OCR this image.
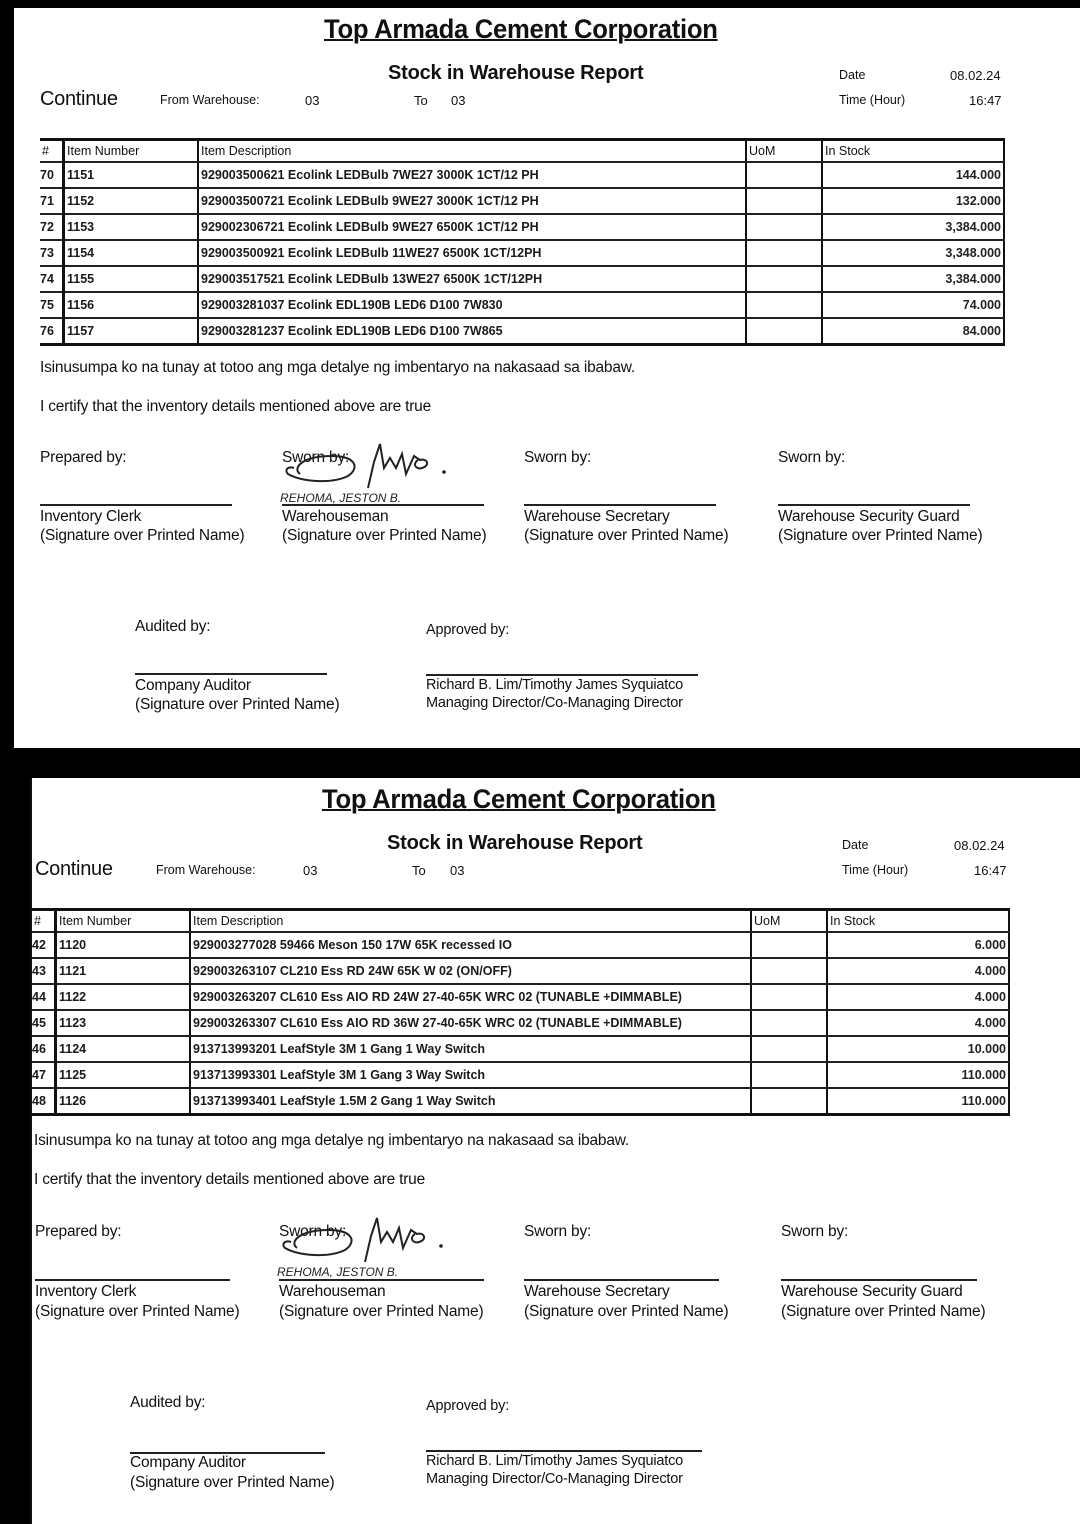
Top Armada Cement Corporation
Stock in Warehouse Report
Continue	From Warehouse:	03	To 03
Date	08.02.24
Time (Hour)	16:47
#	Item Number	Item Description	UoM	In Stock
70	1151	929003500621 Ecolink LEDBulb 7WE27 3000K 1CT/12 PH		144.000
71	1152	929003500721 Ecolink LEDBulb 9WE27 3000K 1CT/12 PH		132.000
72	1153	929002306721 Ecolink LEDBulb 9WE27 6500K 1CT/12 PH		3,384.000
73	1154	929003500921 Ecolink LEDBulb 11WE27 6500K 1CT/12PH		3,348.000
74	1155	929003517521 Ecolink LEDBulb 13WE27 6500K 1CT/12PH		3,384.000
75	1156	929003281037 Ecolink EDL190B LED6 D100 7W830		74.000
76	1157	929003281237 Ecolink EDL190B LED6 D100 7W865		84.000
Isinusumpa ko na tunay at totoo ang mga detalye ng imbentaryo na nakasaad sa ibabaw.
I certify that the inventory details mentioned above are true
Prepared by:
Inventory Clerk
(Signature over Printed Name)
Sworn by:
Warehouseman
(Signature over Printed Name)
Sworn by:
Warehouse Secretary
(Signature over Printed Name)
Sworn by:
Warehouse Security Guard
(Signature over Printed Name)
REHOMA, JESTON B.
Audited by:
Company Auditor
(Signature over Printed Name)
Approved by:
Richard B. Lim/Timothy James Syquiatco
Managing Director/Co-Managing Director
Top Armada Cement Corporation
Stock in Warehouse Report
Continue	From Warehouse:	03	To 03
Date	08.02.24
Time (Hour)	16:47
#	Item Number	Item Description	UoM	In Stock
42	1120	929003277028 59466 Meson 150 17W 65K recessed IO		6.000
43	1121	929003263107 CL210 Ess RD 24W 65K W 02 (ON/OFF)		4.000
44	1122	929003263207 CL610 Ess AIO RD 24W 27-40-65K WRC 02 (TUNABLE +DIMMABLE)		4.000
45	1123	929003263307 CL610 Ess AIO RD 36W 27-40-65K WRC 02 (TUNABLE +DIMMABLE)		4.000
46	1124	913713993201 LeafStyle 3M 1 Gang 1 Way Switch		10.000
47	1125	913713993301 LeafStyle 3M 1 Gang 3 Way Switch		110.000
48	1126	913713993401 LeafStyle 1.5M 2 Gang 1 Way Switch		110.000
Isinusumpa ko na tunay at totoo ang mga detalye ng imbentaryo na nakasaad sa ibabaw.
I certify that the inventory details mentioned above are true
Prepared by:
Inventory Clerk
(Signature over Printed Name)
Sworn by:
Warehouseman
(Signature over Printed Name)
Sworn by:
Warehouse Secretary
(Signature over Printed Name)
Sworn by:
Warehouse Security Guard
(Signature over Printed Name)
REHOMA, JESTON B.
Audited by:
Company Auditor
(Signature over Printed Name)
Approved by:
Richard B. Lim/Timothy James Syquiatco
Managing Director/Co-Managing Director
